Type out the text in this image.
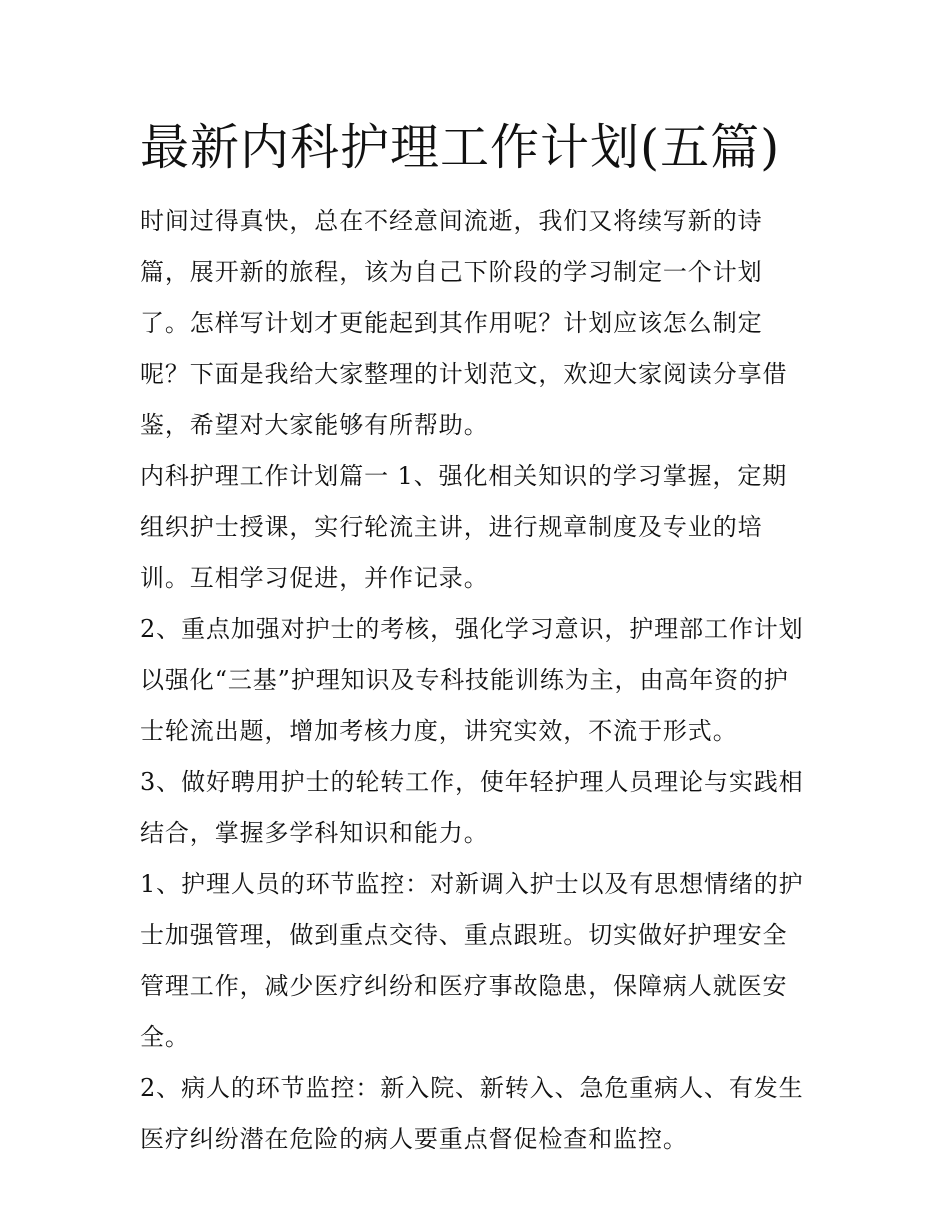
最新内科护理工作计划(五篇)

时间过得真快，总在不经意间流逝，我们又将续写新的诗篇，展开新的旅程，该为自己下阶段的学习制定一个计划了。怎样写计划才更能起到其作用呢？计划应该怎么制定呢？下面是我给大家整理的计划范文，欢迎大家阅读分享借鉴，希望对大家能够有所帮助。

内科护理工作计划篇一 1、强化相关知识的学习掌握，定期组织护士授课，实行轮流主讲，进行规章制度及专业的培训。互相学习促进，并作记录。

2、重点加强对护士的考核，强化学习意识，护理部工作计划以强化“三基”护理知识及专科技能训练为主，由高年资的护士轮流出题，增加考核力度，讲究实效，不流于形式。

3、做好聘用护士的轮转工作，使年轻护理人员理论与实践相结合，掌握多学科知识和能力。

1、护理人员的环节监控：对新调入护士以及有思想情绪的护士加强管理，做到重点交待、重点跟班。切实做好护理安全管理工作，减少医疗纠纷和医疗事故隐患，保障病人就医安全。

2、病人的环节监控：新入院、新转入、急危重病人、有发生医疗纠纷潜在危险的病人要重点督促检查和监控。
